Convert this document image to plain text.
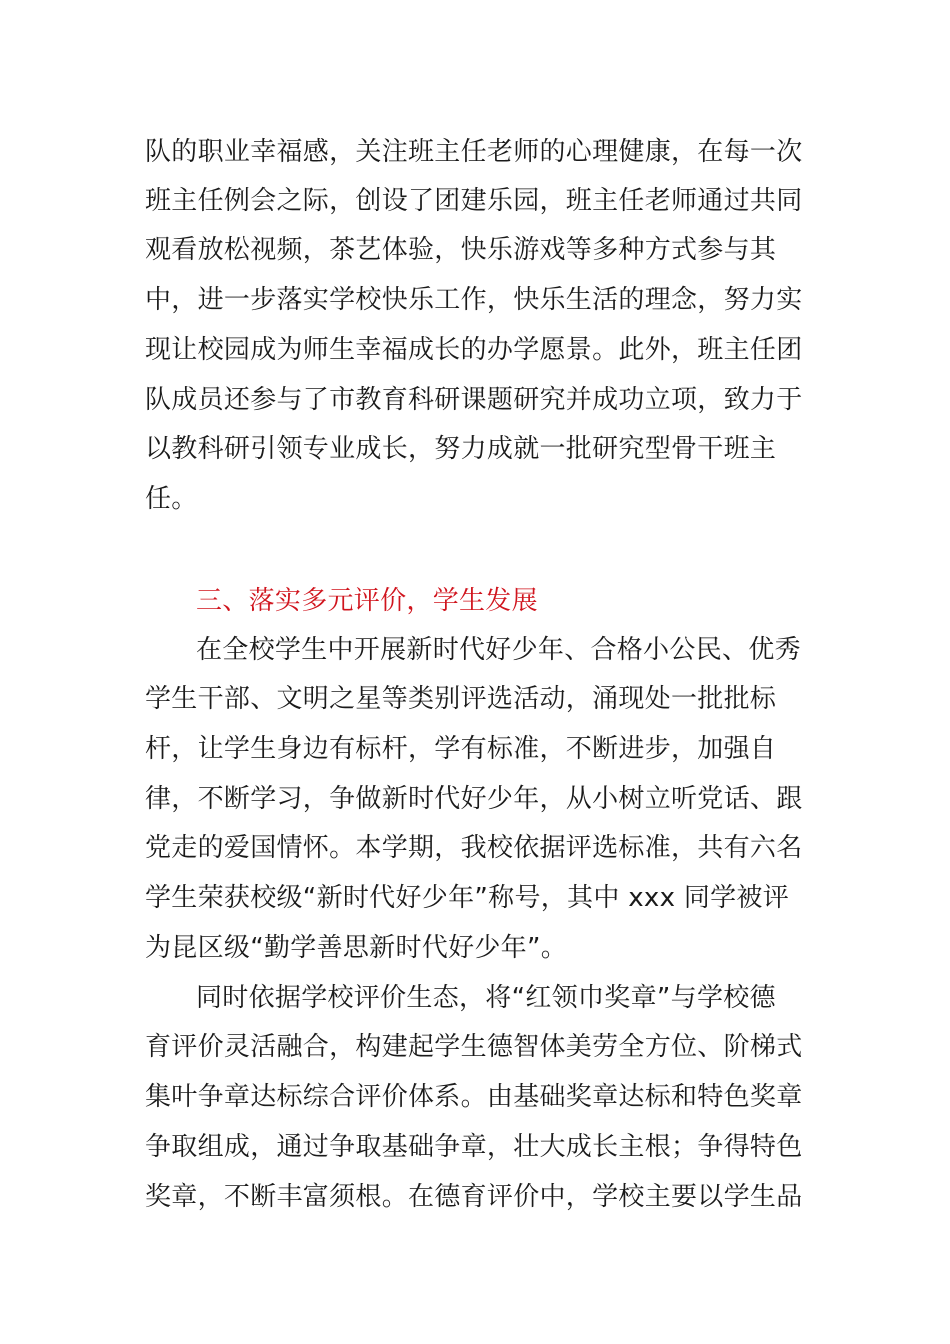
队的职业幸福感，关注班主任老师的心理健康，在每一次
班主任例会之际，创设了团建乐园，班主任老师通过共同
观看放松视频，茶艺体验，快乐游戏等多种方式参与其
中，进一步落实学校快乐工作，快乐生活的理念，努力实
现让校园成为师生幸福成长的办学愿景。此外，班主任团
队成员还参与了市教育科研课题研究并成功立项，致力于
以教科研引领专业成长，努力成就一批研究型骨干班主
任。
三、落实多元评价，学生发展
在全校学生中开展新时代好少年、合格小公民、优秀
学生干部、文明之星等类别评选活动，涌现处一批批标
杆，让学生身边有标杆，学有标准，不断进步，加强自
律，不断学习，争做新时代好少年，从小树立听党话、跟
党走的爱国情怀。本学期，我校依据评选标准，共有六名
学生荣获校级“新时代好少年”称号，其中 xxx 同学被评
为昆区级“勤学善思新时代好少年”。
同时依据学校评价生态，将“红领巾奖章”与学校德
育评价灵活融合，构建起学生德智体美劳全方位、阶梯式
集叶争章达标综合评价体系。由基础奖章达标和特色奖章
争取组成，通过争取基础争章，壮大成长主根；争得特色
奖章，不断丰富须根。在德育评价中，学校主要以学生品
